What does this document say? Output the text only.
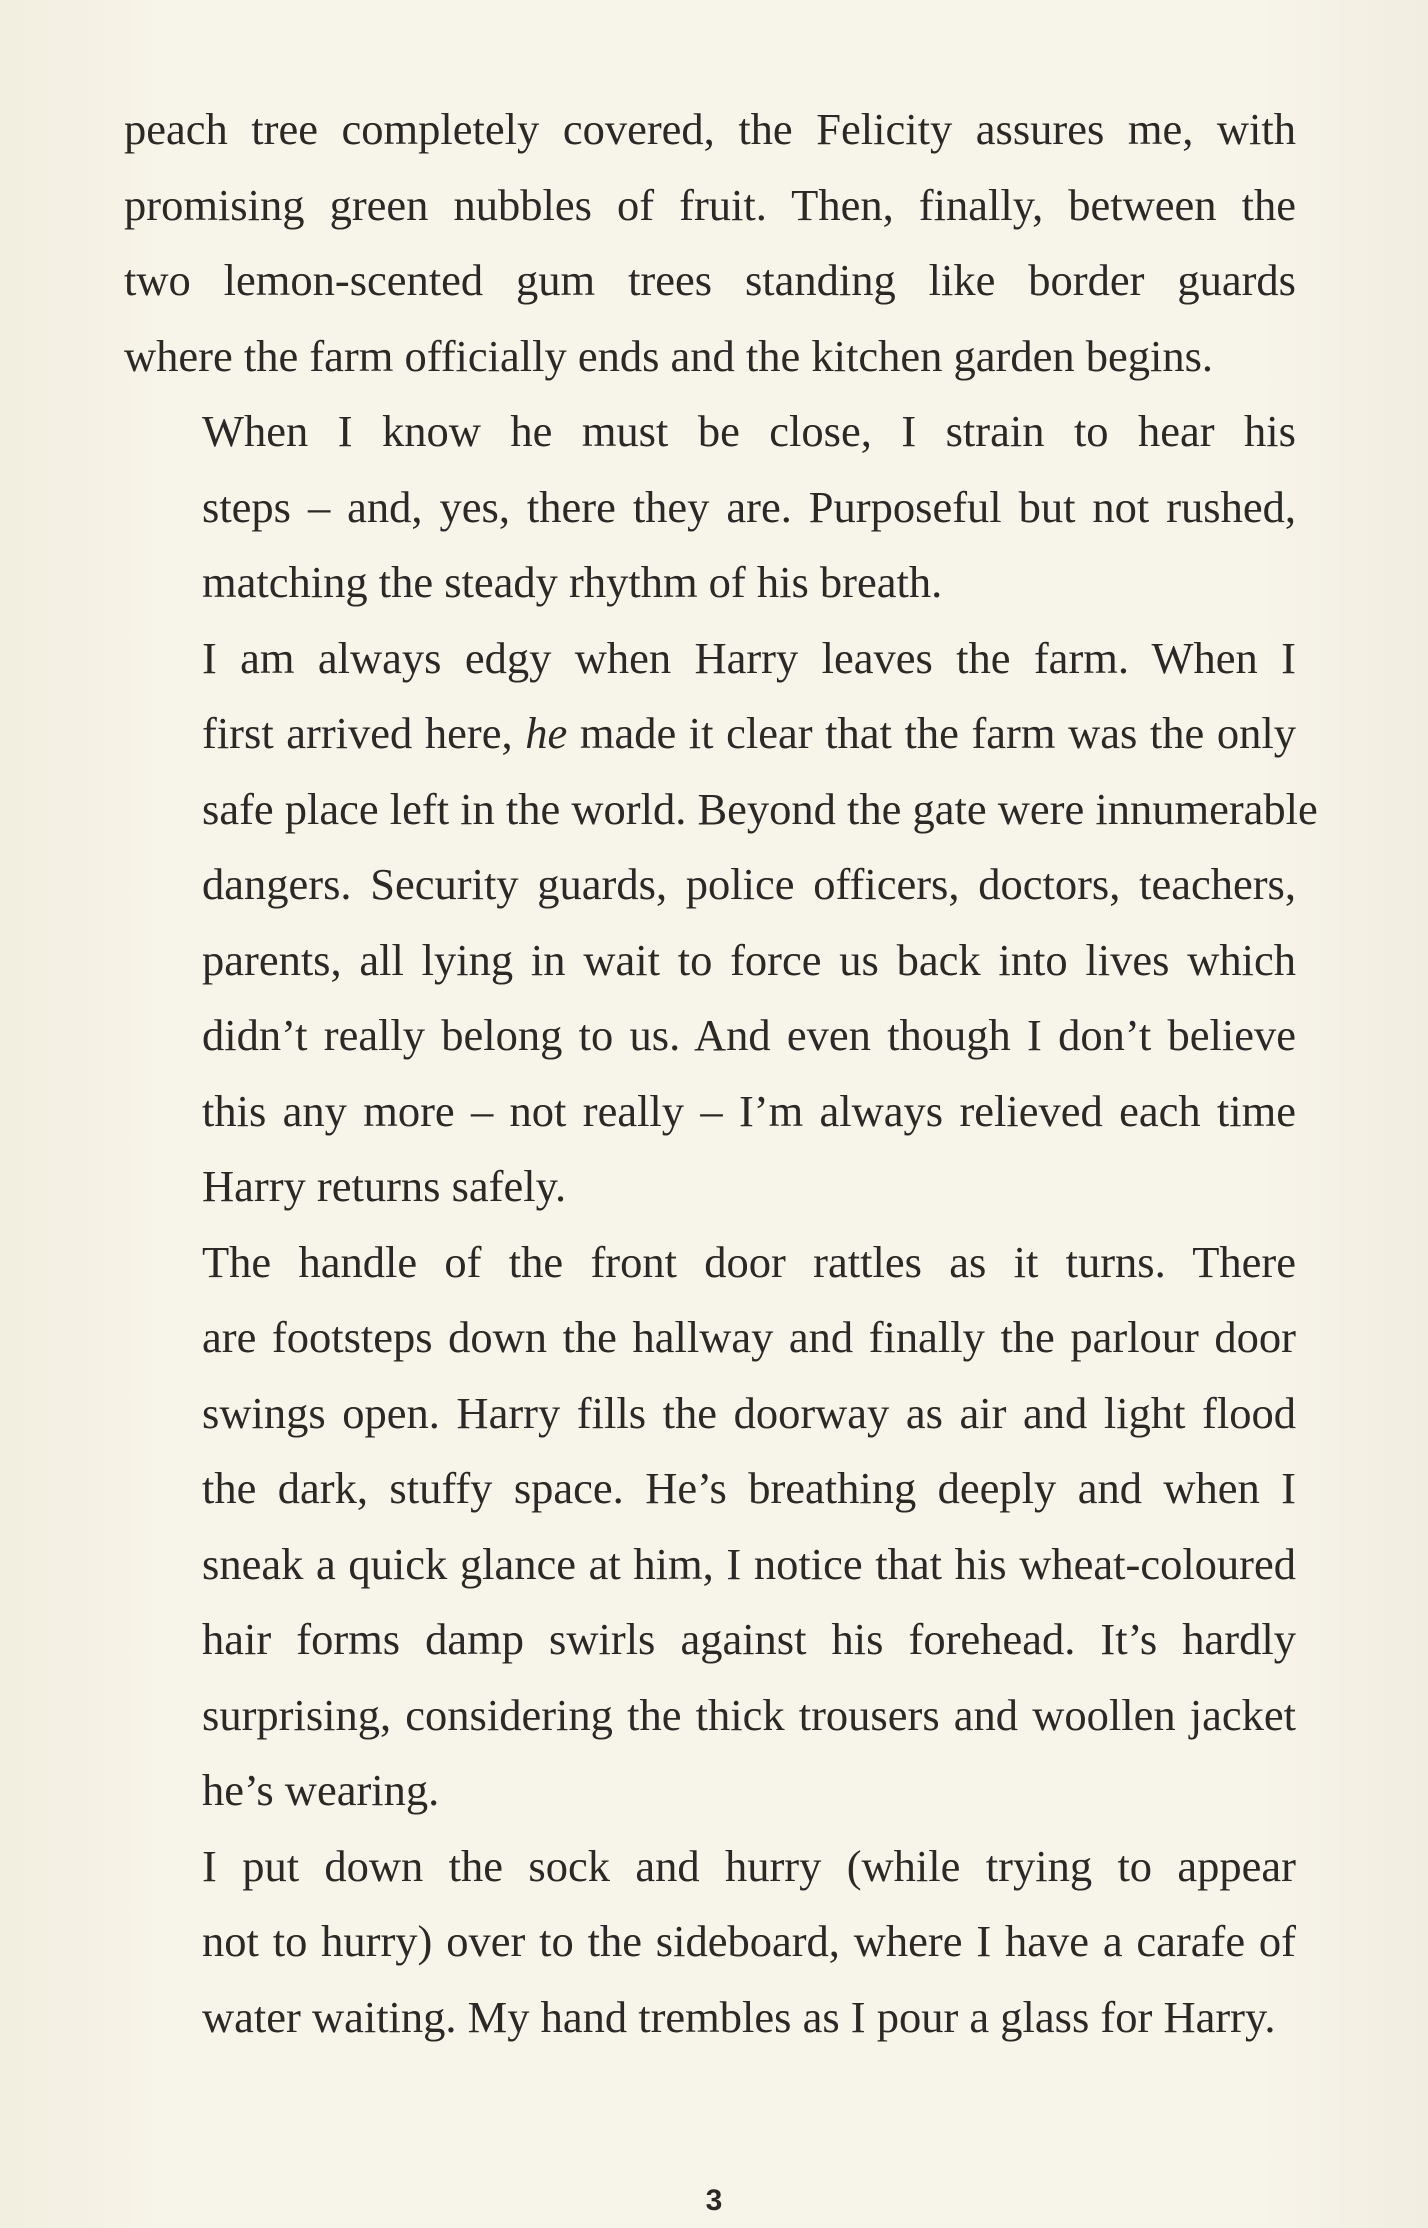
peach tree completely covered, the Felicity assures me, with
promising green nubbles of fruit. Then, finally, between the
two lemon-scented gum trees standing like border guards
where the farm officially ends and the kitchen garden begins.
When I know he must be close, I strain to hear his
steps – and, yes, there they are. Purposeful but not rushed,
matching the steady rhythm of his breath.
I am always edgy when Harry leaves the farm. When I
first arrived here, he made it clear that the farm was the only
safe place left in the world. Beyond the gate were innumerable
dangers. Security guards, police officers, doctors, teachers,
parents, all lying in wait to force us back into lives which
didn’t really belong to us. And even though I don’t believe
this any more – not really – I’m always relieved each time
Harry returns safely.
The handle of the front door rattles as it turns. There
are footsteps down the hallway and finally the parlour door
swings open. Harry fills the doorway as air and light flood
the dark, stuffy space. He’s breathing deeply and when I
sneak a quick glance at him, I notice that his wheat-coloured
hair forms damp swirls against his forehead. It’s hardly
surprising, considering the thick trousers and woollen jacket
he’s wearing.
I put down the sock and hurry (while trying to appear
not to hurry) over to the sideboard, where I have a carafe of
water waiting. My hand trembles as I pour a glass for Harry.
3
